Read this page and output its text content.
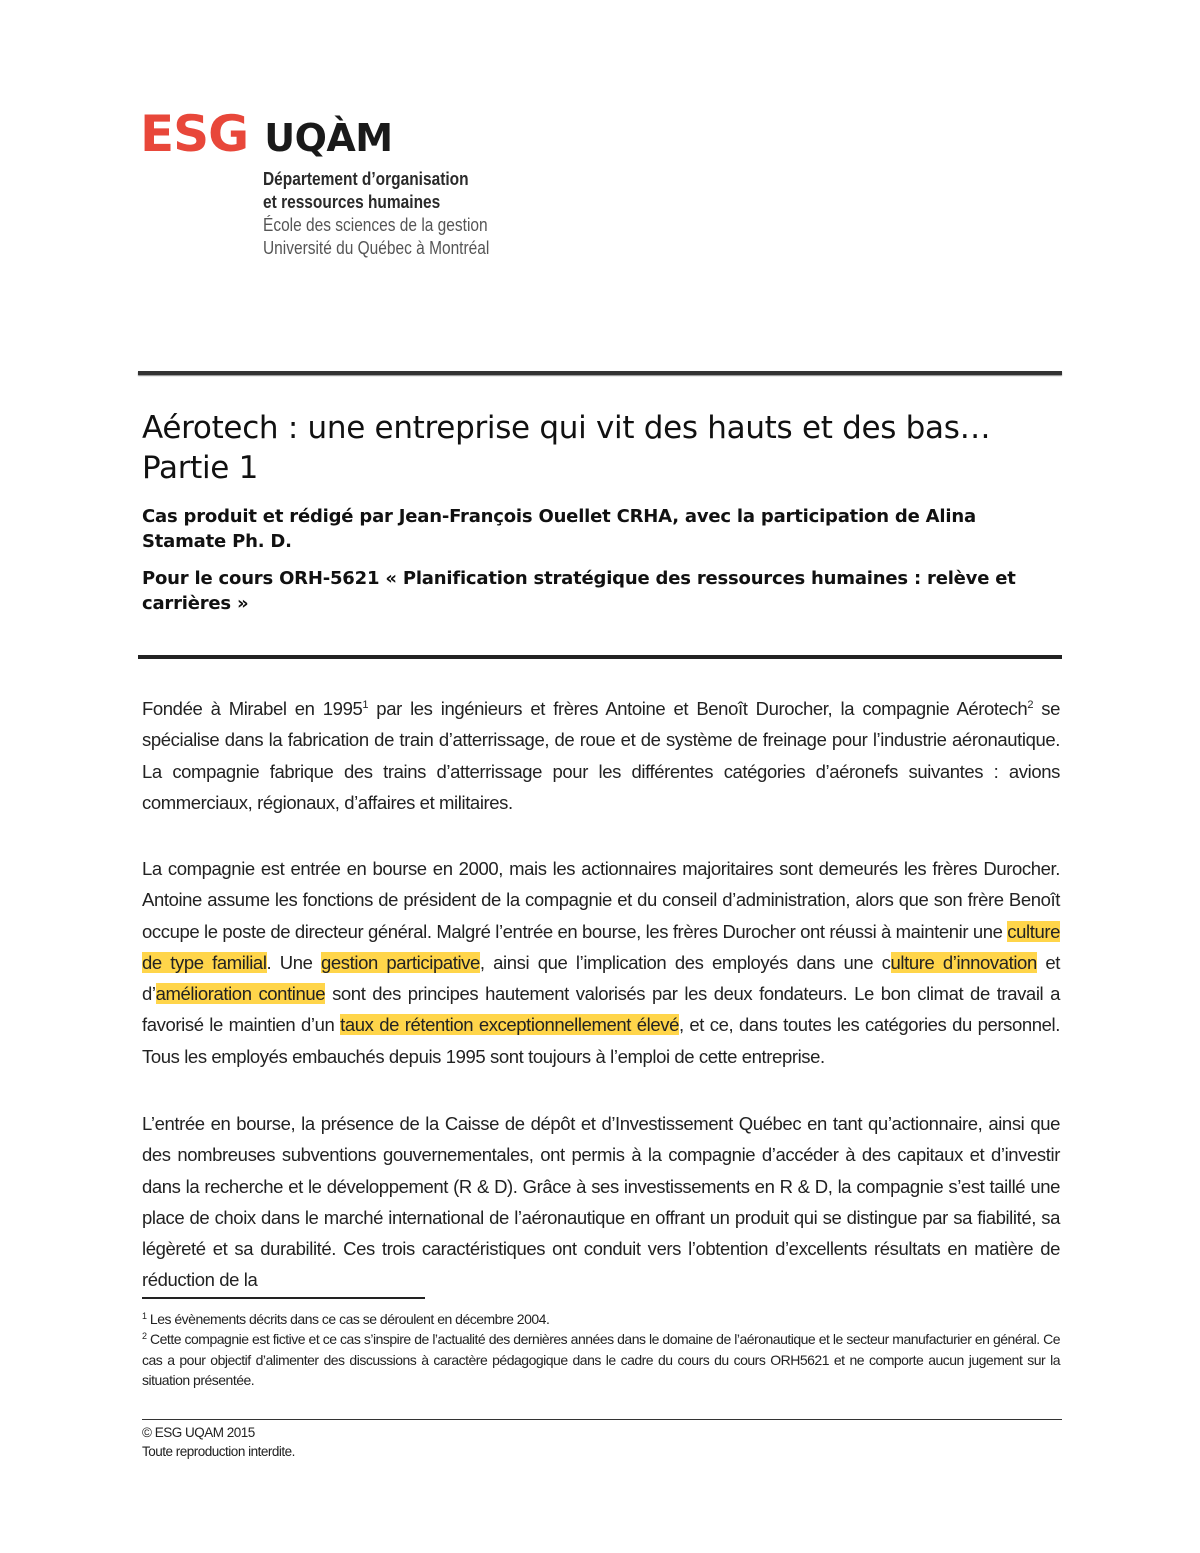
ESG UQÀM
Département d’organisation
et ressources humaines
École des sciences de la gestion
Université du Québec à Montréal
Aérotech : une entreprise qui vit des hauts et des bas…
Partie 1
Cas produit et rédigé par Jean-François Ouellet CRHA, avec la participation de Alina Stamate Ph. D.
Pour le cours ORH-5621 « Planification stratégique des ressources humaines : relève et carrières »
Fondée à Mirabel en 1995$^1$ par les ingénieurs et frères Antoine et Benoît Durocher, la compagnie Aérotech$^2$ se spécialise dans la fabrication de train d’atterrissage, de roue et de système de freinage pour l’industrie aéronautique. La compagnie fabrique des trains d’atterrissage pour les différentes catégories d’aéronefs suivantes : avions commerciaux, régionaux, d’affaires et militaires.
La compagnie est entrée en bourse en 2000, mais les actionnaires majoritaires sont demeurés les frères Durocher. Antoine assume les fonctions de président de la compagnie et du conseil d’administration, alors que son frère Benoît occupe le poste de directeur général. Malgré l’entrée en bourse, les frères Durocher ont réussi à maintenir une culture de type familial. Une gestion participative, ainsi que l’implication des employés dans une culture d’innovation et d’amélioration continue sont des principes hautement valorisés par les deux fondateurs. Le bon climat de travail a favorisé le maintien d’un taux de rétention exceptionnellement élevé, et ce, dans toutes les catégories du personnel. Tous les employés embauchés depuis 1995 sont toujours à l’emploi de cette entreprise.
L’entrée en bourse, la présence de la Caisse de dépôt et d’Investissement Québec en tant qu’actionnaire, ainsi que des nombreuses subventions gouvernementales, ont permis à la compagnie d’accéder à des capitaux et d’investir dans la recherche et le développement (R & D). Grâce à ses investissements en R & D, la compagnie s’est taillé une place de choix dans le marché international de l’aéronautique en offrant un produit qui se distingue par sa fiabilité, sa légèreté et sa durabilité. Ces trois caractéristiques ont conduit vers l’obtention d’excellents résultats en matière de réduction de la
$^1$ Les évènements décrits dans ce cas se déroulent en décembre 2004.
$^2$ Cette compagnie est fictive et ce cas s’inspire de l’actualité des dernières années dans le domaine de l’aéronautique et le secteur manufacturier en général. Ce cas a pour objectif d’alimenter des discussions à caractère pédagogique dans le cadre du cours du cours ORH5621 et ne comporte aucun jugement sur la situation présentée.
© ESG UQAM 2015
Toute reproduction interdite.
